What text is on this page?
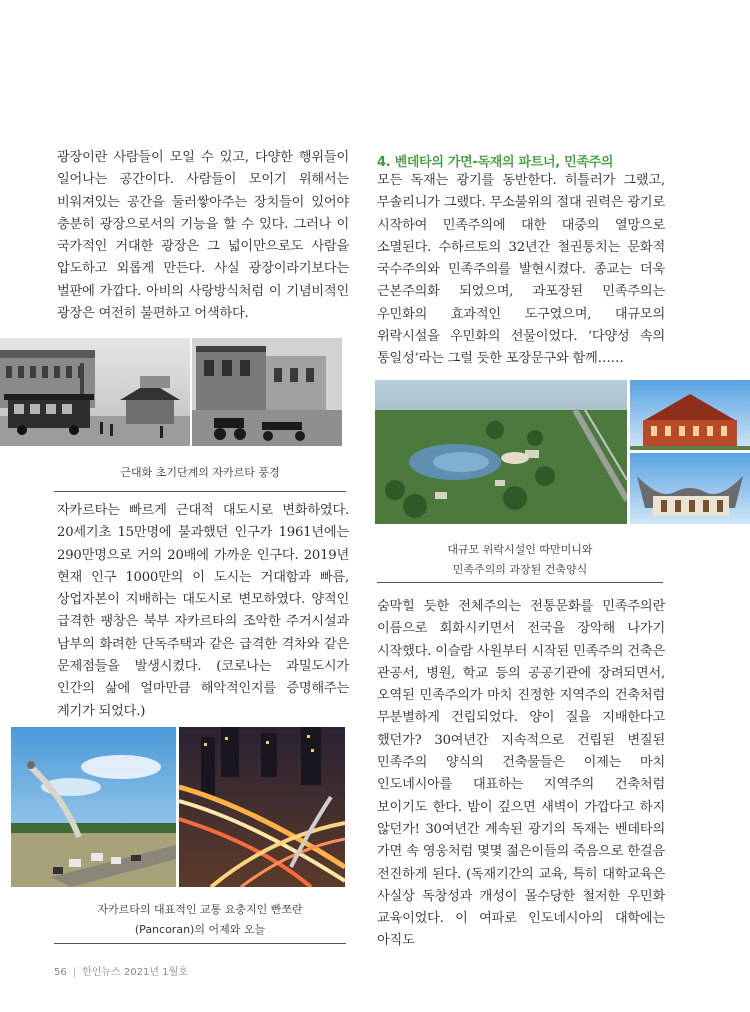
광장이란 사람들이 모일 수 있고, 다양한 행위들이 일어나는 공간이다. 사람들이 모이기 위해서는 비워져있는 공간을 둘러쌓아주는 장치들이 있어야 충분히 광장으로서의 기능을 할 수 있다. 그러나 이 국가적인 거대한 광장은 그 넓이만으로도 사람을 압도하고 외롭게 만든다. 사실 광장이라기보다는 벌판에 가깝다. 아비의 사랑방식처럼 이 기념비적인 광장은 여전히 불편하고 어색하다.

근대화 초기단계의 자카르타 풍경

자카르타는 빠르게 근대적 대도시로 변화하였다. 20세기초 15만명에 불과했던 인구가 1961년에는 290만명으로 거의 20배에 가까운 인구다. 2019년 현재 인구 1000만의 이 도시는 거대함과 빠름, 상업자본이 지배하는 대도시로 변모하였다. 양적인 급격한 팽창은 북부 자카르타의 조악한 주거시설과 남부의 화려한 단독주택과 같은 급격한 격차와 같은 문제점들을 발생시켰다. (코로나는 과밀도시가 인간의 삶에 얼마만큼 해악적인지를 증명해주는 계기가 되었다.)

자카르타의 대표적인 교통 요충지인 빤쪼란
(Pancoran)의 어제와 오늘
4. 벤데타의 가면-독재의 파트너, 민족주의

모든 독재는 광기를 동반한다. 히틀러가 그랬고, 무솔리니가 그랬다. 무소불위의 절대 권력은 광기로 시작하여 민족주의에 대한 대중의 열망으로 소멸된다. 수하르토의 32년간 철권통치는 문화적 국수주의와 민족주의를 발현시켰다. 종교는 더욱 근본주의화 되었으며, 과포장된 민족주의는 우민화의 효과적인 도구였으며, 대규모의 위락시설을 우민화의 선물이었다. ‘다양성 속의 통일성’라는 그럴 듯한 포장문구와 함께……

대규모 위락시설인 따만미니와
민족주의의 과장된 건축양식

숨막힐 듯한 전체주의는 전통문화를 민족주의란 이름으로 회화시키면서 전국을 장악해 나가기 시작했다. 이슬람 사원부터 시작된 민족주의 건축은 관공서, 병원, 학교 등의 공공기관에 장려되면서, 오역된 민족주의가 마치 진정한 지역주의 건축처럼 무분별하게 건립되었다. 양이 질을 지배한다고 했던가? 30여년간 지속적으로 건립된 변질된 민족주의 양식의 건축물들은 이제는 마치 인도네시아를 대표하는 지역주의 건축처럼 보이기도 한다. 밤이 깊으면 새벽이 가깝다고 하지 않던가! 30여년간 계속된 광기의 독재는 벤데타의 가면 속 영웅처럼 몇몇 젊은이들의 죽음으로 한걸음 전진하게 된다. (독재기간의 교육, 특히 대학교육은 사실상 독창성과 개성이 몰수당한 철저한 우민화 교육이었다. 이 여파로 인도네시아의 대학에는 아직도

56 | 한인뉴스 2021년 1월호
